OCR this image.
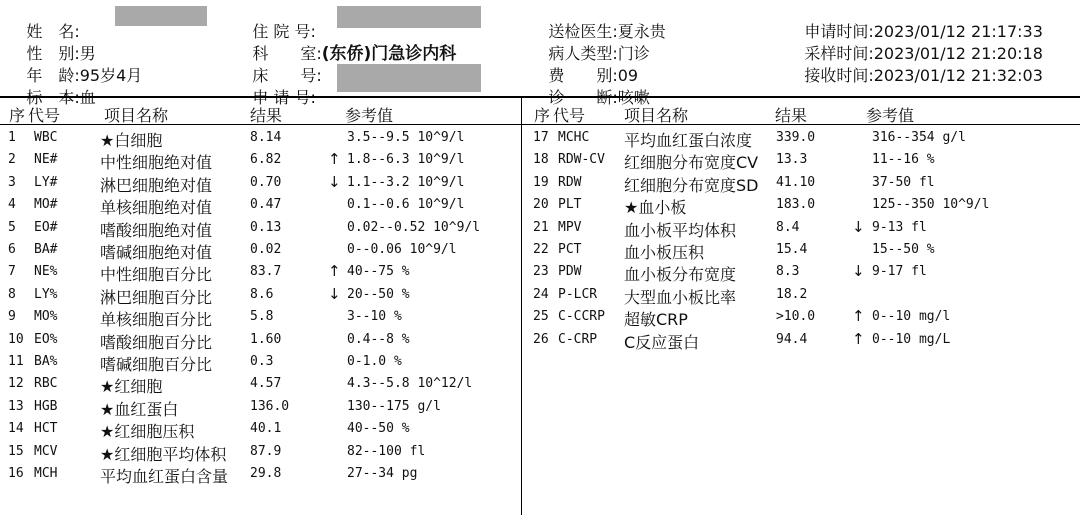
姓　名:

性　别:男

年　龄:95岁4月

标　本:血

住 院 号:

科　　室:(东侨)门急诊内科

床　　号:

申 请 号:

送检医生:夏永贵

病人类型:门诊

费　　别:09

诊　　断:咳嗽

申请时间:2023/01/12 21:17:33

采样时间:2023/01/12 21:20:18

接收时间:2023/01/12 21:32:03

序 代号	项目名称	结果	参考值	序 代号 项目名称	结果	参考值
1 WBC	★白细胞	8.14	3.5--9.5 10^9/l
2 NE#	中性细胞绝对值	6.82	↑ 1.8--6.3 10^9/l
3 LY#	淋巴细胞绝对值	0.70	↓ 1.1--3.2 10^9/l
4 MO#	单核细胞绝对值	0.47	0.1--0.6 10^9/l
5 EO#	嗜酸细胞绝对值	0.13	0.02--0.52 10^9/l
6 BA#	嗜碱细胞绝对值	0.02	0--0.06 10^9/l
7 NE%	中性细胞百分比	83.7	↑ 40--75 %
8 LY%	淋巴细胞百分比	8.6	↓ 20--50 %
9 MO%	单核细胞百分比	5.8	3--10 %
10 EO%	嗜酸细胞百分比	1.60	0.4--8 %
11 BA%	嗜碱细胞百分比	0.3	0-1.0 %
12 RBC	★红细胞	4.57	4.3--5.8 10^12/l
13 HGB	★血红蛋白	136.0	130--175 g/l
14 HCT	★红细胞压积	40.1	40--50 %
15 MCV	★红细胞平均体积 87.9	82--100 fl
16 MCH	平均血红蛋白含量 29.8	27--34 pg
17 MCHC 平均血红蛋白浓度 339.0	316--354 g/l
18 RDW-CV 红细胞分布宽度CV 13.3	11--16 %
19 RDW	红细胞分布宽度SD 41.10	37-50 fl
20 PLT	★血小板	183.0	125--350 10^9/l
21 MPV	血小板平均体积	8.4	↓ 9-13 fl
22 PCT	血小板压积	15.4	15--50 %
23 PDW	血小板分布宽度	8.3	↓ 9-17 fl
24 P-LCR 大型血小板比率	18.2
25 C-CCRP 超敏CRP	>10.0 ↑ 0--10 mg/l
26 C-CRP C反应蛋白	94.4	↑ 0--10 mg/L
